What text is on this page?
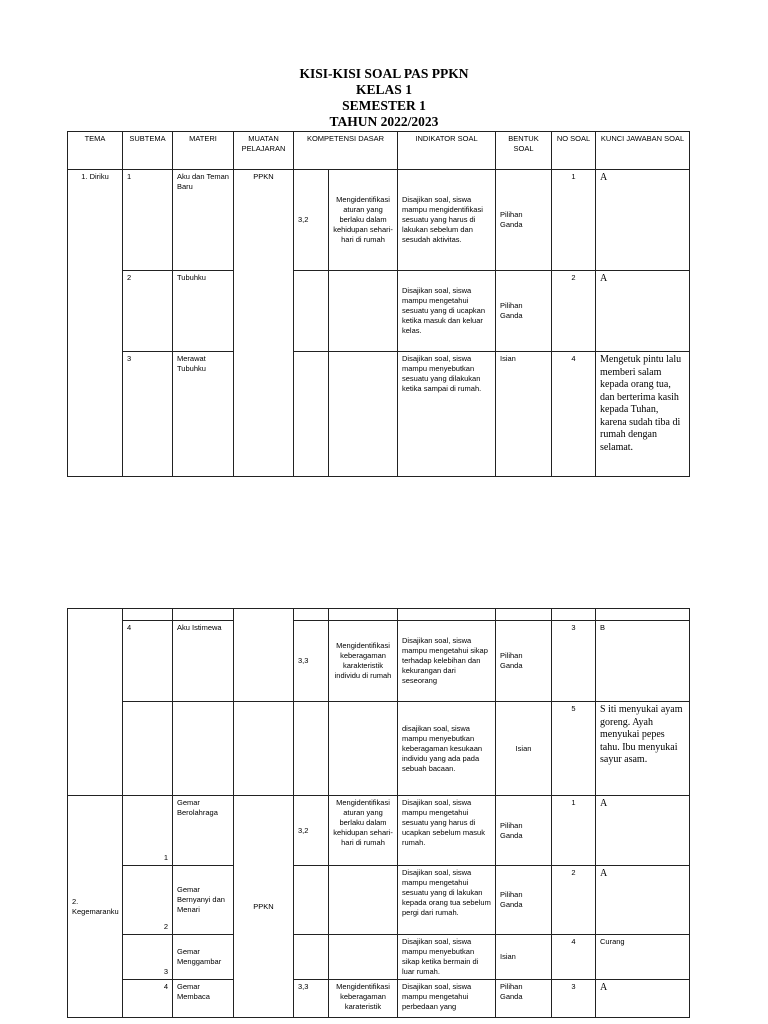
KISI-KISI SOAL PAS PPKN
KELAS 1
SEMESTER 1
TAHUN 2022/2023
TEMA	SUBTEMA	MATERI	MUATAN PELAJARAN	KOMPETENSI DASAR		INDIKATOR SOAL	BENTUK SOAL	NO SOAL	KUNCI JAWABAN SOAL
1. Diriku	1	Aku dan Teman Baru	PPKN	3,2	Mengidentifikasi aturan yang berlaku dalam kehidupan sehari-hari di rumah	Disajikan soal, siswa mampu mengidentifikasi sesuatu yang harus di lakukan sebelum dan sesudah aktivitas.	Pilihan Ganda	1	A
	2	Tubuhku				Disajikan soal, siswa mampu mengetahui sesuatu yang di ucapkan ketika masuk dan keluar kelas.	Pilihan Ganda	2	A
	3	Merawat Tubuhku				Disajikan soal, siswa mampu menyebutkan sesuatu yang dilakukan ketika sampai di rumah.	Isian	4	Mengetuk pintu lalu memberi salam kepada orang tua, dan berterima kasih kepada Tuhan, karena sudah tiba di rumah dengan selamat.

	4	Aku Istimewa		3,3	Mengidentifikasi keberagaman karakteristik individu di rumah	Disajikan soal, siswa mampu mengetahui sikap terhadap kelebihan dan kekurangan dari seseorang	Pilihan Ganda	3	B
						disajikan soal, siswa mampu menyebutkan keberagaman kesukaan individu yang ada pada sebuah bacaan.	Isian	5	S iti menyukai ayam goreng. Ayah menyukai pepes tahu. Ibu menyukai sayur asam.
2. Kegemaranku	1	Gemar Berolahraga	PPKN	3,2	Mengidentifikasi aturan yang berlaku dalam kehidupan sehari-hari di rumah	Disajikan soal, siswa mampu mengetahui sesuatu yang harus di ucapkan sebelum masuk rumah.	Pilihan Ganda	1	A
	2	Gemar Bernyanyi dan Menari				Disajikan soal, siswa mampu mengetahui sesuatu yang di lakukan kepada orang tua sebelum pergi dari rumah.	Pilihan Ganda	2	A
	3	Gemar Menggambar				Disajikan soal, siswa mampu menyebutkan sikap ketika bermain di luar rumah.	Isian	4	Curang
	4	Gemar Membaca		3,3	Mengidentifikasi keberagaman karateristik	Disajikan soal, siswa mampu mengetahui perbedaan yang	Pilihan Ganda	3	A
